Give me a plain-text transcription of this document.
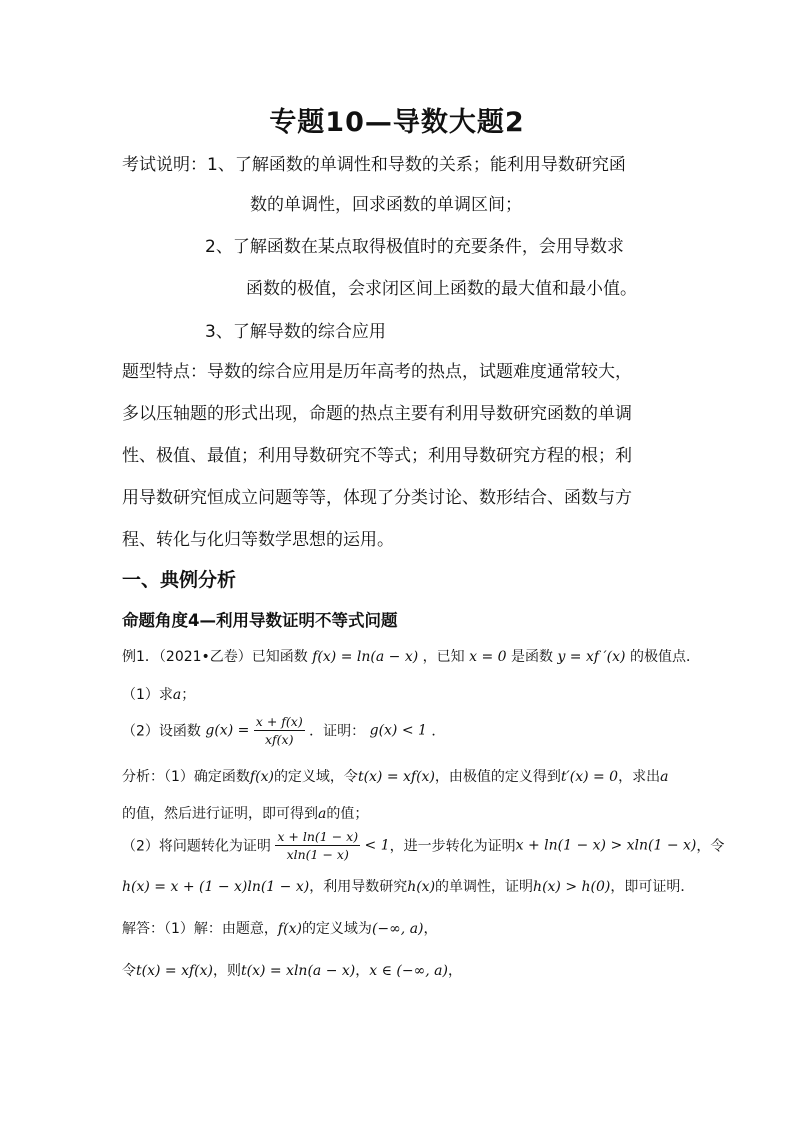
专题10—导数大题2
考试说明：1、了解函数的单调性和导数的关系；能利用导数研究函
数的单调性，回求函数的单调区间；
2、了解函数在某点取得极值时的充要条件，会用导数求
函数的极值，会求闭区间上函数的最大值和最小值。
3、了解导数的综合应用
题型特点：导数的综合应用是历年高考的热点，试题难度通常较大，
多以压轴题的形式出现，命题的热点主要有利用导数研究函数的单调
性、极值、最值；利用导数研究不等式；利用导数研究方程的根；利
用导数研究恒成立问题等等，体现了分类讨论、数形结合、函数与方
程、转化与化归等数学思想的运用。
一、典例分析
命题角度4—利用导数证明不等式问题
例1．（2021•乙卷）已知函数 f(x) = ln(a − x) ，已知 x = 0 是函数 y = xf ′(x) 的极值点．
（1）求a；
（2）设函数 $g(x) = \frac{x + f(x)}{xf(x)}$ ．证明： g(x) < 1 ．
分析：（1）确定函数f(x)的定义域，令t(x) = xf(x)，由极值的定义得到t′(x) = 0，求出a
的值，然后进行证明，即可得到a的值；
（2）将问题转化为证明 $\frac{x + \ln(1 - x)}{xln(1 - x)} < 1$，进一步转化为证明x + ln(1 − x) > xln(1 − x)，令
h(x) = x + (1 − x)ln(1 − x)，利用导数研究h(x)的单调性，证明h(x) > h(0)，即可证明．
解答：（1）解：由题意，f(x)的定义域为(−∞, a)，
令t(x) = xf(x)，则t(x) = xln(a − x)，x ∈ (−∞, a)，
